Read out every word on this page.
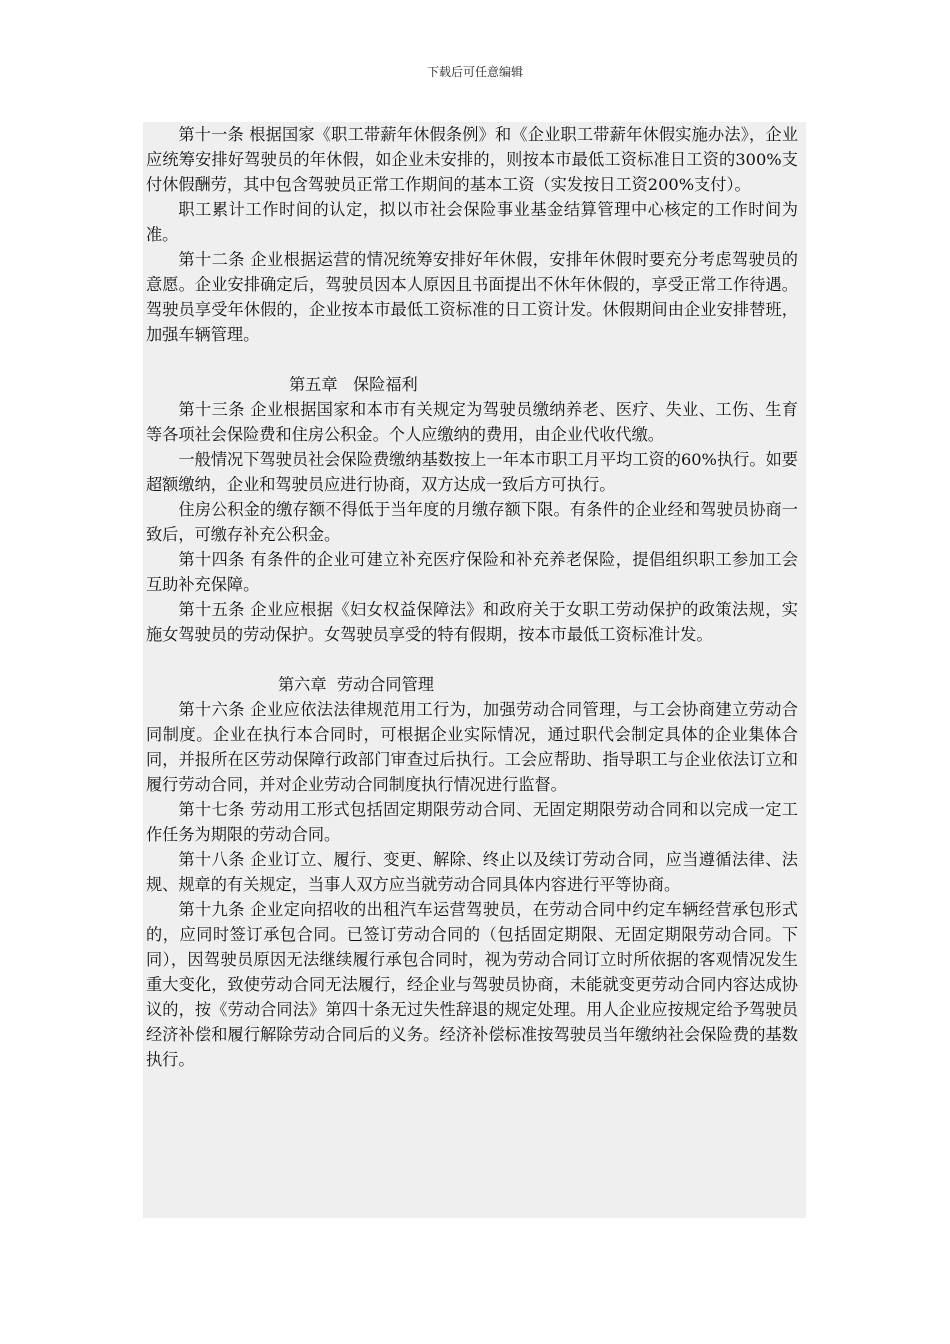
下载后可任意编辑

第十一条 根据国家《职工带薪年休假条例》和《企业职工带薪年休假实施办法》，企业应统筹安排好驾驶员的年休假，如企业未安排的，则按本市最低工资标准日工资的300%支付休假酬劳，其中包含驾驶员正常工作期间的基本工资（实发按日工资200%支付）。

职工累计工作时间的认定，拟以市社会保险事业基金结算管理中心核定的工作时间为准。

第十二条 企业根据运营的情况统筹安排好年休假，安排年休假时要充分考虑驾驶员的意愿。企业安排确定后，驾驶员因本人原因且书面提出不休年休假的，享受正常工作待遇。驾驶员享受年休假的，企业按本市最低工资标准的日工资计发。休假期间由企业安排替班，加强车辆管理。

第五章   保险福利

第十三条 企业根据国家和本市有关规定为驾驶员缴纳养老、医疗、失业、工伤、生育等各项社会保险费和住房公积金。个人应缴纳的费用，由企业代收代缴。

一般情况下驾驶员社会保险费缴纳基数按上一年本市职工月平均工资的60%执行。如要超额缴纳，企业和驾驶员应进行协商，双方达成一致后方可执行。

住房公积金的缴存额不得低于当年度的月缴存额下限。有条件的企业经和驾驶员协商一致后，可缴存补充公积金。

第十四条 有条件的企业可建立补充医疗保险和补充养老保险，提倡组织职工参加工会互助补充保障。

第十五条 企业应根据《妇女权益保障法》和政府关于女职工劳动保护的政策法规，实施女驾驶员的劳动保护。女驾驶员享受的特有假期，按本市最低工资标准计发。

第六章  劳动合同管理

第十六条 企业应依法法律规范用工行为，加强劳动合同管理，与工会协商建立劳动合同制度。企业在执行本合同时，可根据企业实际情况，通过职代会制定具体的企业集体合同，并报所在区劳动保障行政部门审查过后执行。工会应帮助、指导职工与企业依法订立和履行劳动合同，并对企业劳动合同制度执行情况进行监督。

第十七条 劳动用工形式包括固定期限劳动合同、无固定期限劳动合同和以完成一定工作任务为期限的劳动合同。

第十八条 企业订立、履行、变更、解除、终止以及续订劳动合同，应当遵循法律、法规、规章的有关规定，当事人双方应当就劳动合同具体内容进行平等协商。

第十九条 企业定向招收的出租汽车运营驾驶员，在劳动合同中约定车辆经营承包形式的，应同时签订承包合同。已签订劳动合同的（包括固定期限、无固定期限劳动合同。下同），因驾驶员原因无法继续履行承包合同时，视为劳动合同订立时所依据的客观情况发生重大变化，致使劳动合同无法履行，经企业与驾驶员协商，未能就变更劳动合同内容达成协议的，按《劳动合同法》第四十条无过失性辞退的规定处理。用人企业应按规定给予驾驶员经济补偿和履行解除劳动合同后的义务。经济补偿标准按驾驶员当年缴纳社会保险费的基数执行。
